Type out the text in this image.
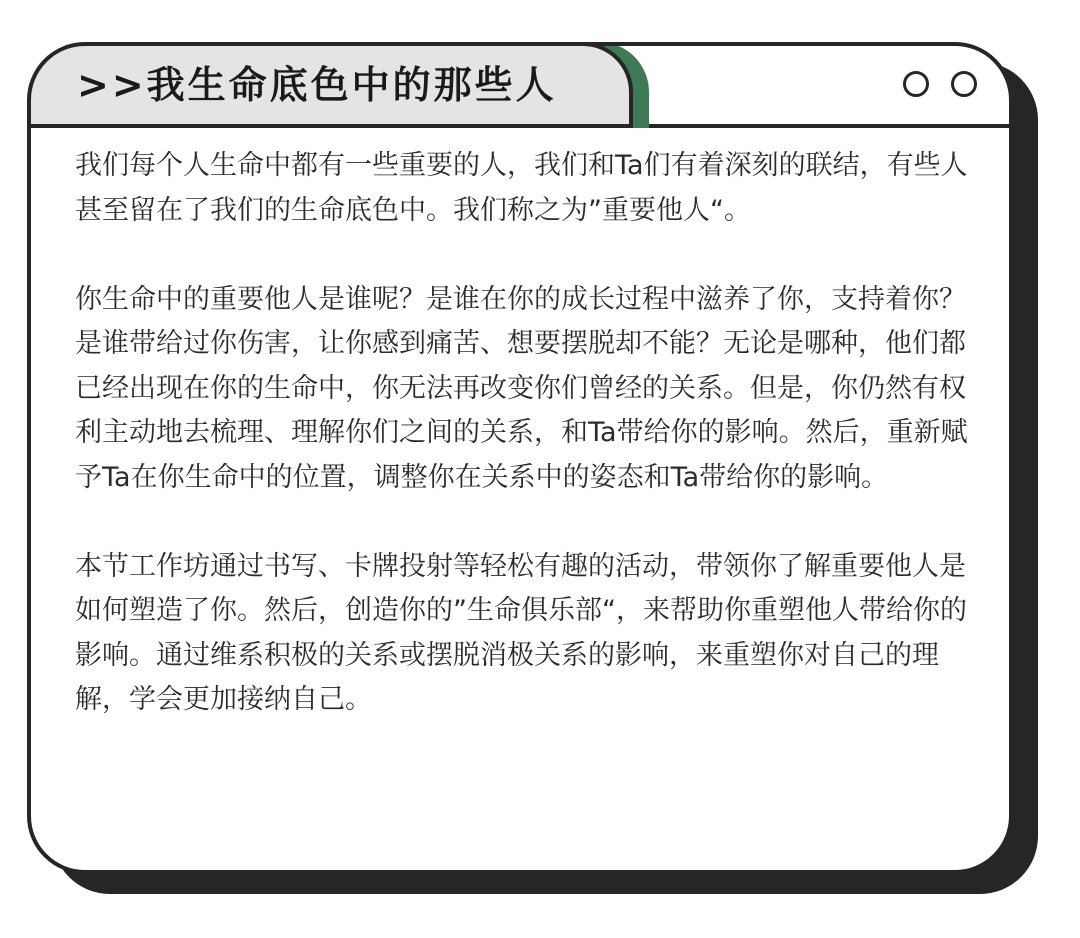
>>我生命底色中的那些人

我们每个人生命中都有一些重要的人，我们和Ta们有着深刻的联结，有些人甚至留在了我们的生命底色中。我们称之为”重要他人“。

你生命中的重要他人是谁呢？是谁在你的成长过程中滋养了你，支持着你？是谁带给过你伤害，让你感到痛苦、想要摆脱却不能？无论是哪种，他们都已经出现在你的生命中，你无法再改变你们曾经的关系。但是，你仍然有权利主动地去梳理、理解你们之间的关系，和Ta带给你的影响。然后，重新赋予Ta在你生命中的位置，调整你在关系中的姿态和Ta带给你的影响。

本节工作坊通过书写、卡牌投射等轻松有趣的活动，带领你了解重要他人是如何塑造了你。然后，创造你的”生命俱乐部“，来帮助你重塑他人带给你的影响。通过维系积极的关系或摆脱消极关系的影响，来重塑你对自己的理解，学会更加接纳自己。
